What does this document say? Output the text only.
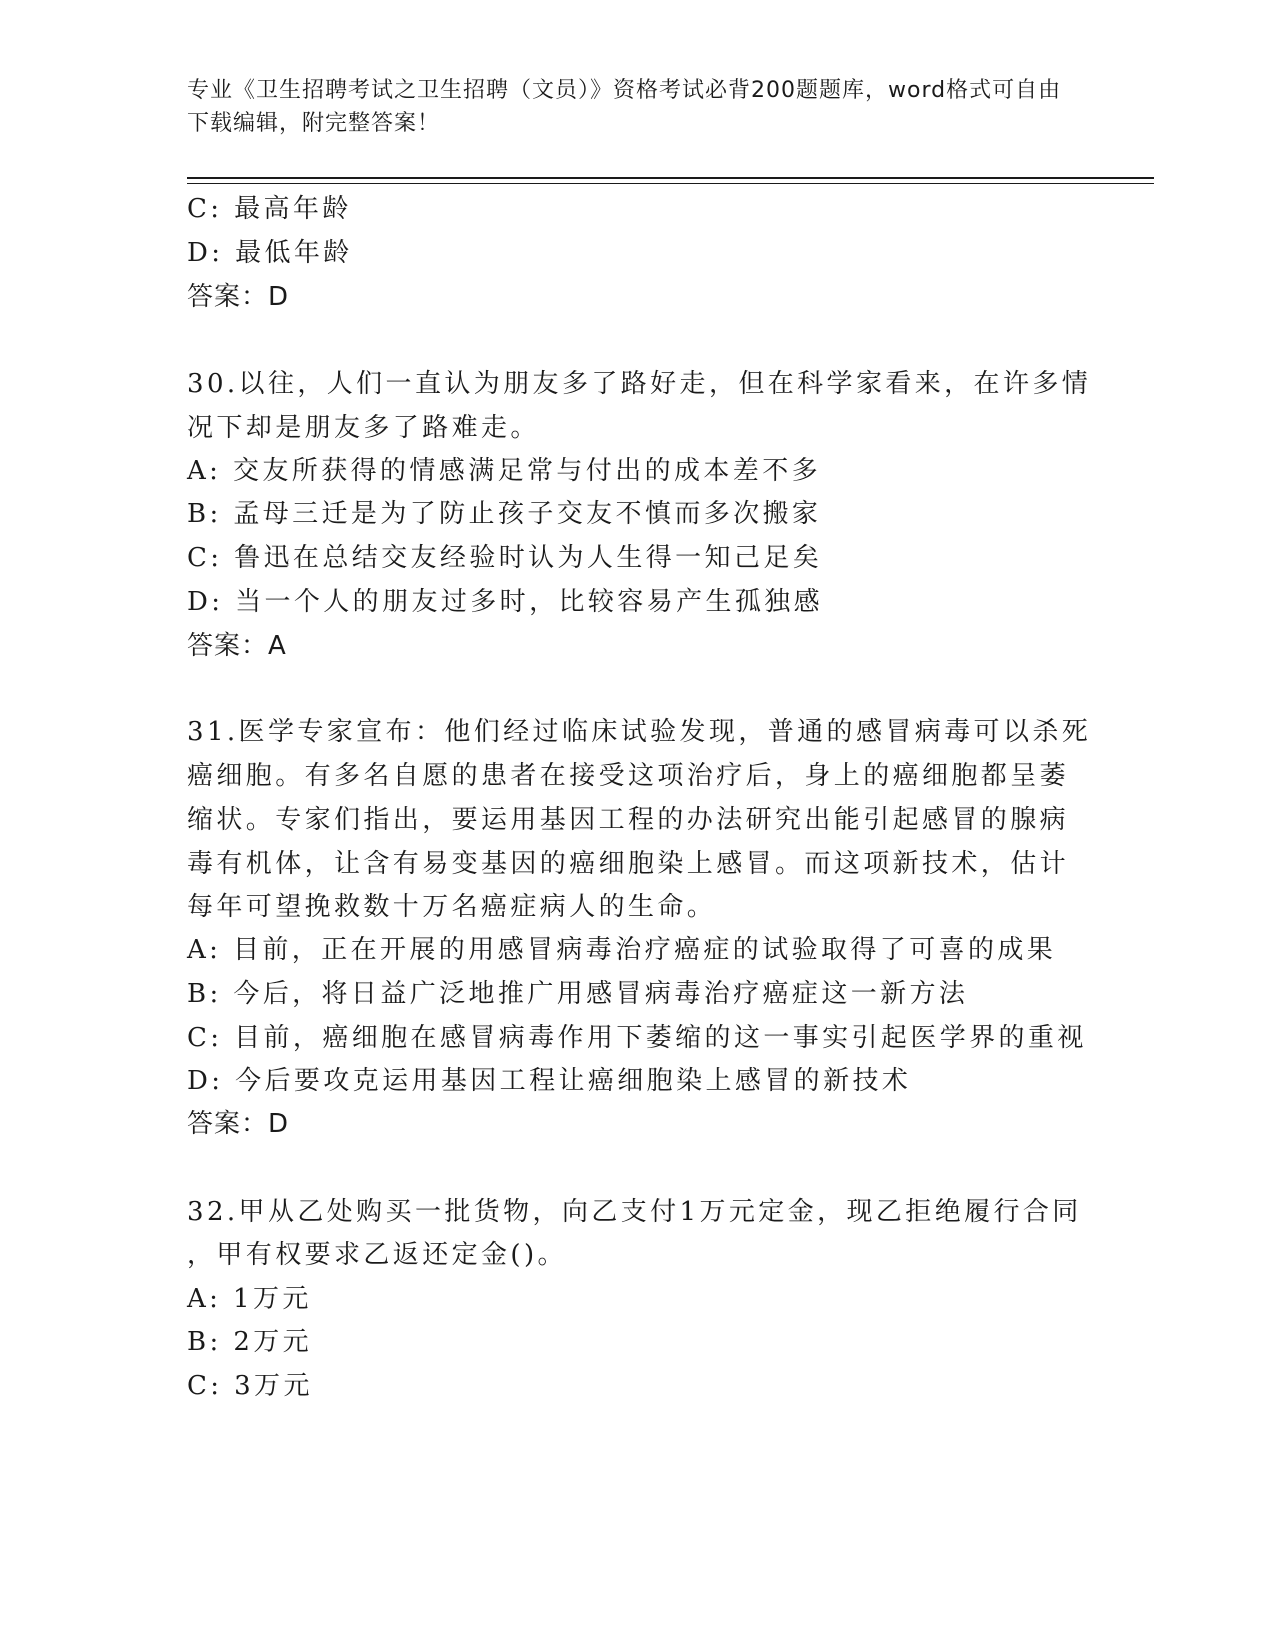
专业《卫生招聘考试之卫生招聘（文员）》资格考试必背200题题库，word格式可自由下载编辑，附完整答案！
C: 最高年龄
D: 最低年龄
答案：D
30.以往，人们一直认为朋友多了路好走，但在科学家看来，在许多情
况下却是朋友多了路难走。
A: 交友所获得的情感满足常与付出的成本差不多
B: 孟母三迁是为了防止孩子交友不慎而多次搬家
C: 鲁迅在总结交友经验时认为人生得一知己足矣
D: 当一个人的朋友过多时，比较容易产生孤独感
答案：A
31.医学专家宣布：他们经过临床试验发现，普通的感冒病毒可以杀死
癌细胞。有多名自愿的患者在接受这项治疗后，身上的癌细胞都呈萎
缩状。专家们指出，要运用基因工程的办法研究出能引起感冒的腺病
毒有机体，让含有易变基因的癌细胞染上感冒。而这项新技术，估计
每年可望挽救数十万名癌症病人的生命。
A: 目前，正在开展的用感冒病毒治疗癌症的试验取得了可喜的成果
B: 今后，将日益广泛地推广用感冒病毒治疗癌症这一新方法
C: 目前，癌细胞在感冒病毒作用下萎缩的这一事实引起医学界的重视
D: 今后要攻克运用基因工程让癌细胞染上感冒的新技术
答案：D
32.甲从乙处购买一批货物，向乙支付1万元定金，现乙拒绝履行合同
，甲有权要求乙返还定金()。
A: 1万元
B: 2万元
C: 3万元
